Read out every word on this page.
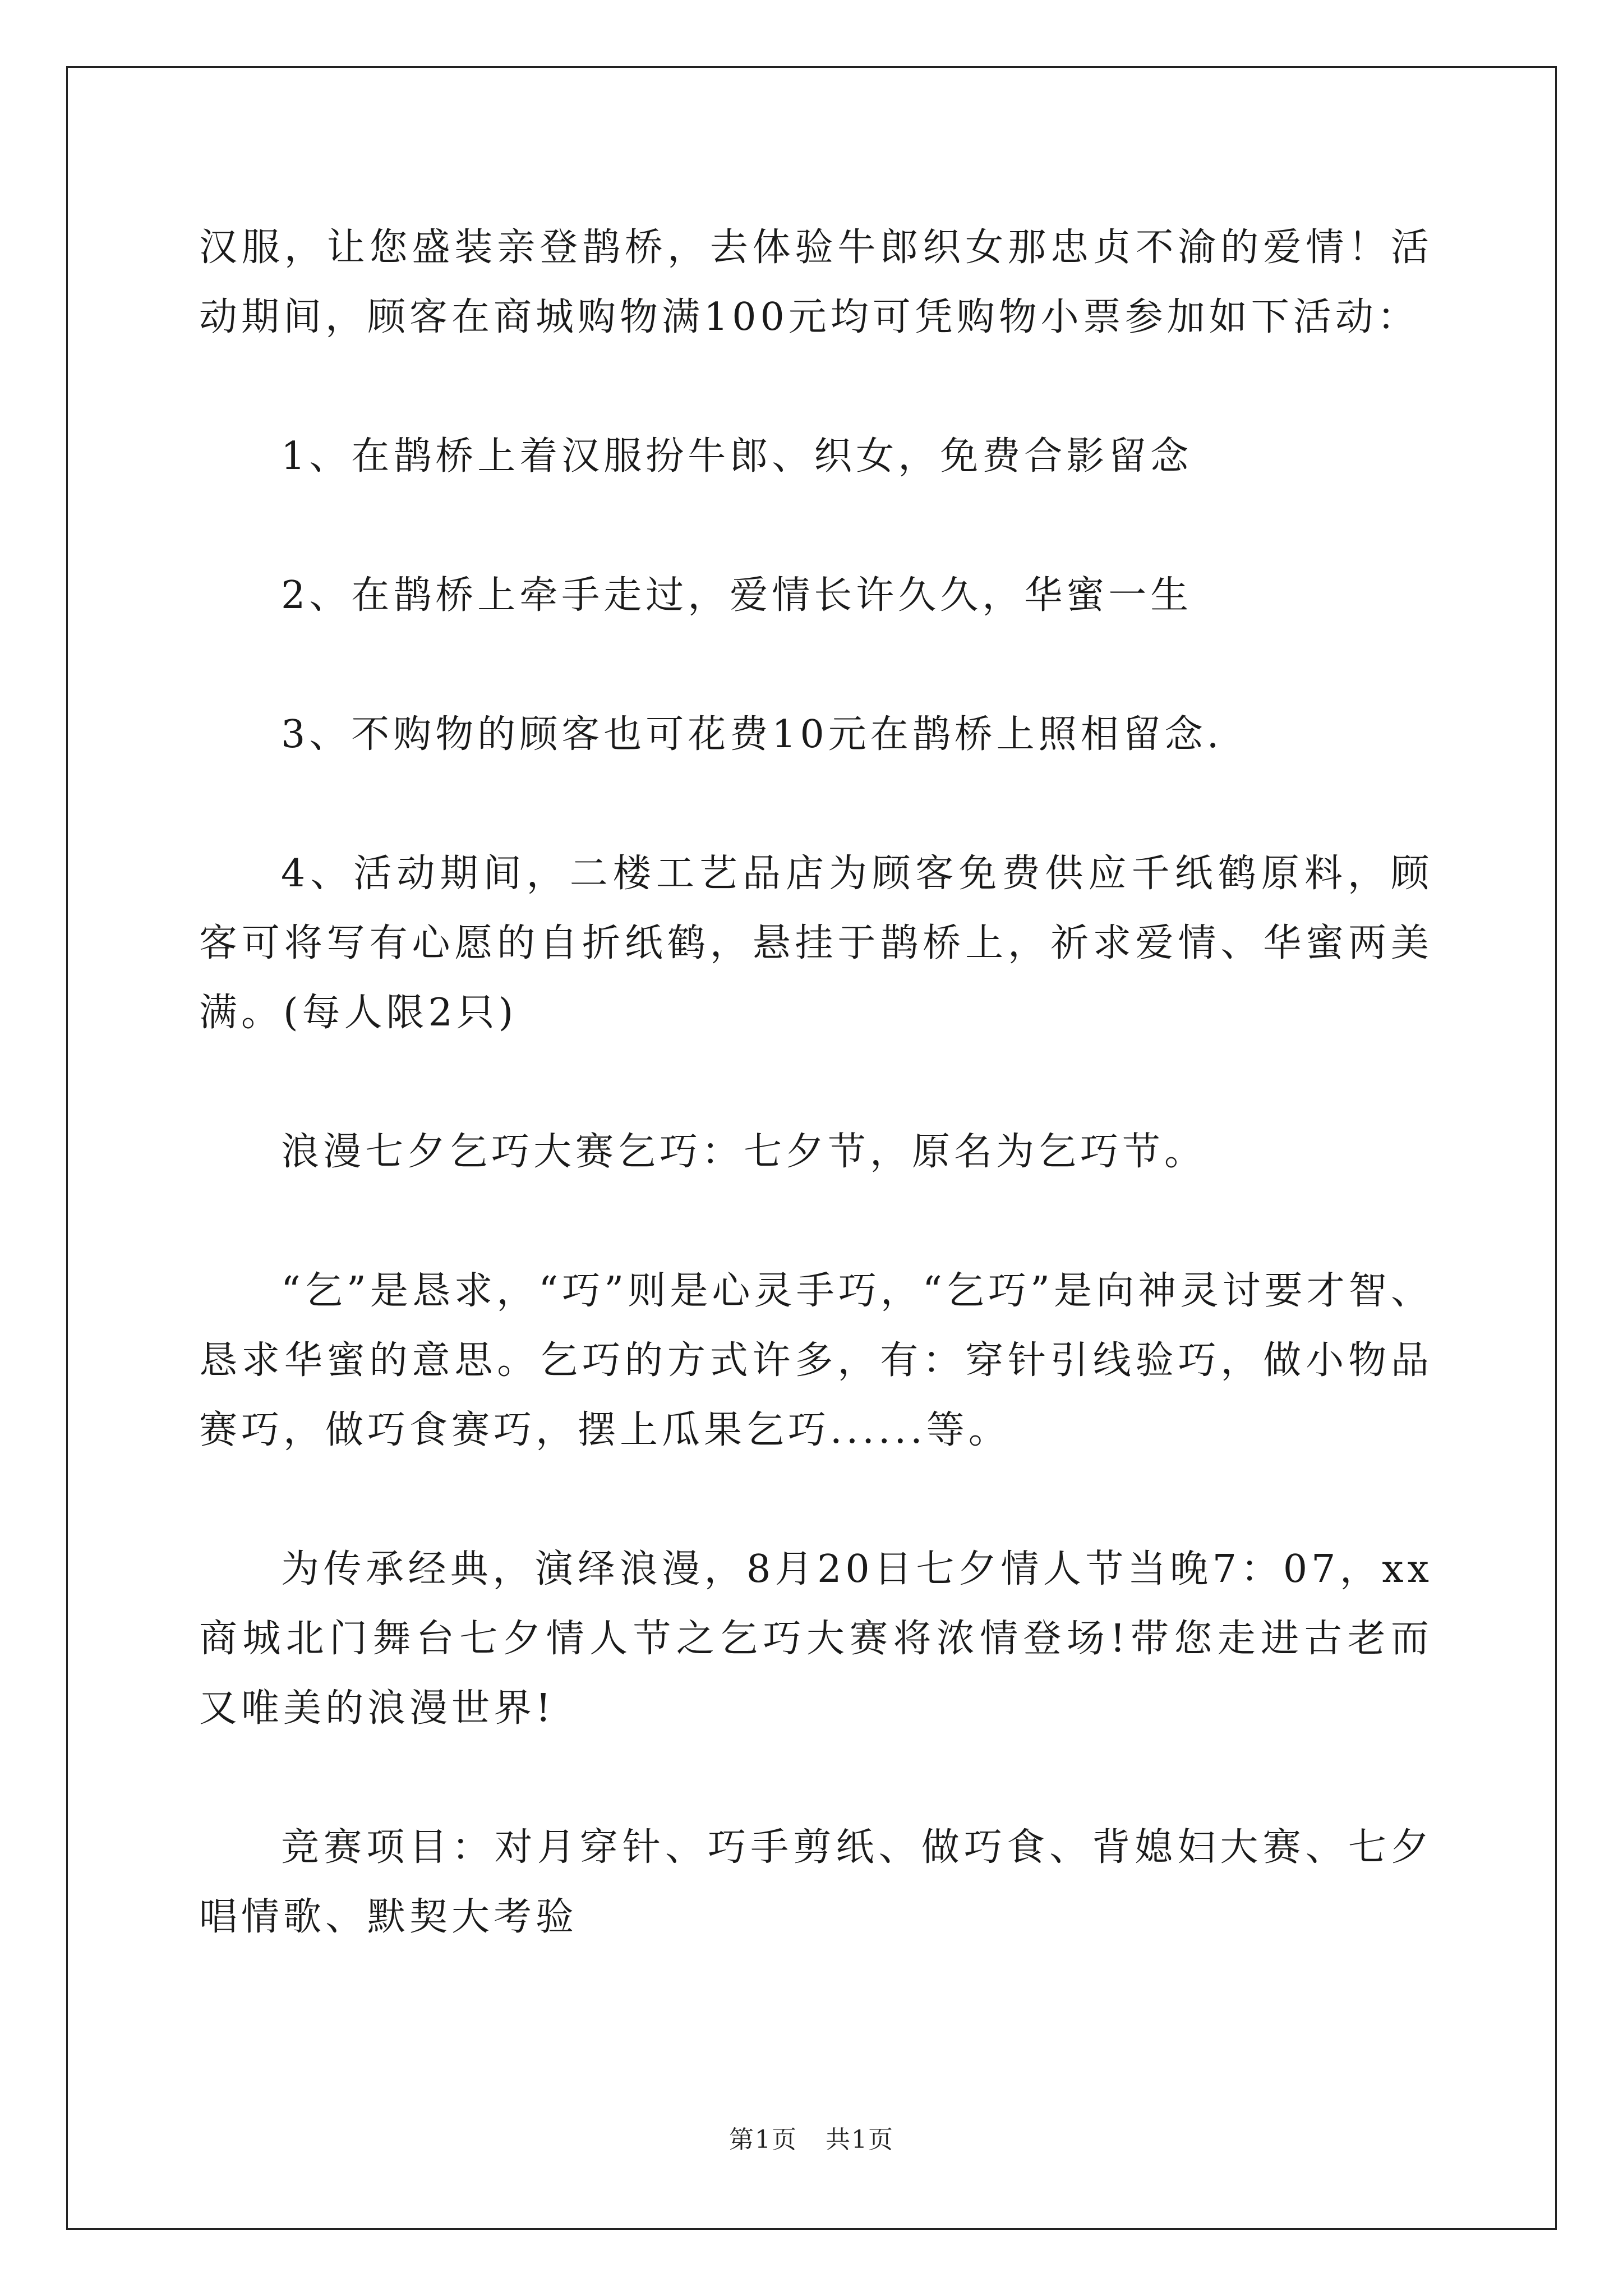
汉服，让您盛装亲登鹊桥，去体验牛郎织女那忠贞不渝的爱情！活动期间，顾客在商城购物满100元均可凭购物小票参加如下活动：

1、在鹊桥上着汉服扮牛郎、织女，免费合影留念

2、在鹊桥上牵手走过，爱情长许久久，华蜜一生

3、不购物的顾客也可花费10元在鹊桥上照相留念.

4、活动期间，二楼工艺品店为顾客免费供应千纸鹤原料，顾客可将写有心愿的自折纸鹤，悬挂于鹊桥上，祈求爱情、华蜜两美满。(每人限2只)

浪漫七夕乞巧大赛乞巧：七夕节，原名为乞巧节。

“乞”是恳求，“巧”则是心灵手巧，“乞巧”是向神灵讨要才智、恳求华蜜的意思。乞巧的方式许多，有：穿针引线验巧，做小物品赛巧，做巧食赛巧，摆上瓜果乞巧......等。

为传承经典，演绎浪漫，8月20日七夕情人节当晚7：07，xx商城北门舞台七夕情人节之乞巧大赛将浓情登场!带您走进古老而又唯美的浪漫世界!

竞赛项目：对月穿针、巧手剪纸、做巧食、背媳妇大赛、七夕唱情歌、默契大考验

第1页 共1页
